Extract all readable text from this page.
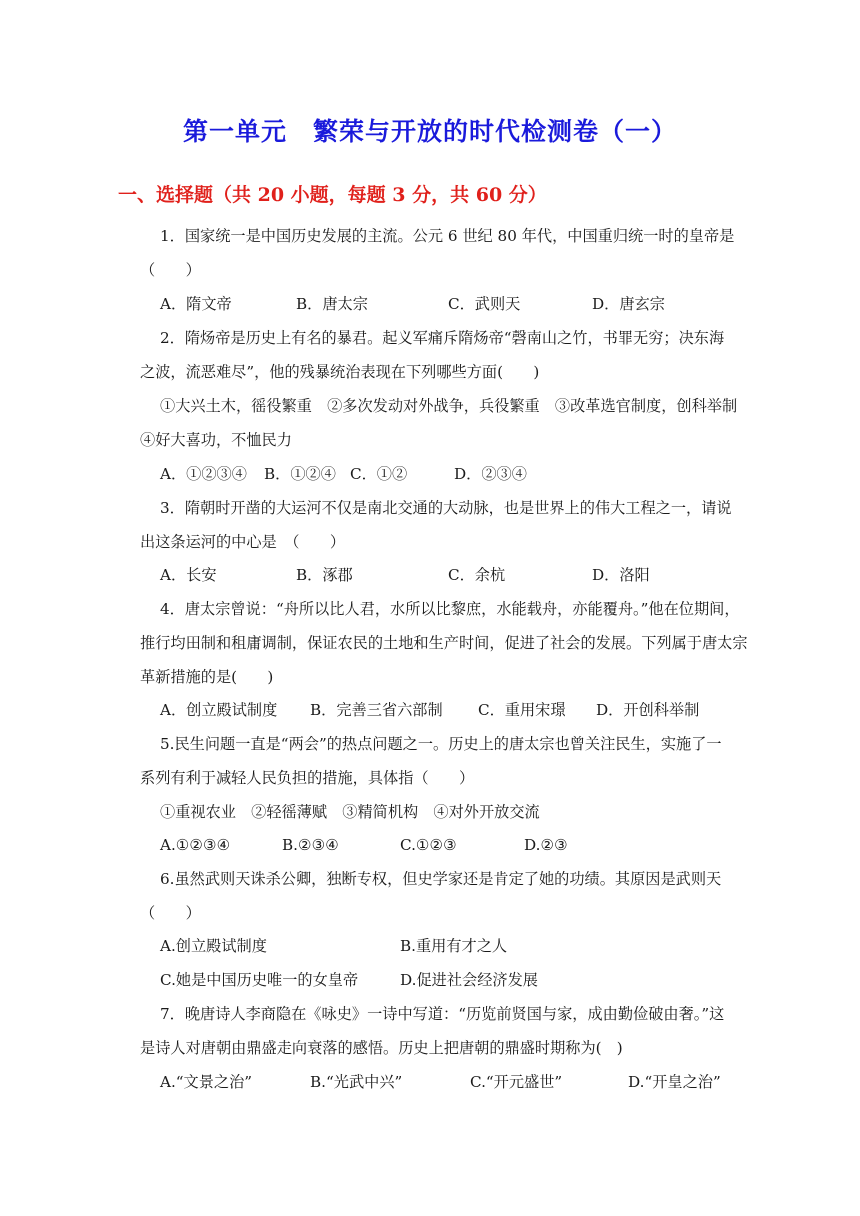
第一单元　繁荣与开放的时代检测卷（一）
一、选择题（共 20 小题，每题 3 分，共 60 分）
1．国家统一是中国历史发展的主流。公元 6 世纪 80 年代，中国重归统一时的皇帝是
（　　）
A．隋文帝	B．唐太宗	C．武则天	D．唐玄宗
2．隋炀帝是历史上有名的暴君。起义军痛斥隋炀帝“磬南山之竹，书罪无穷；决东海
之波，流恶难尽”，他的残暴统治表现在下列哪些方面(　　)
①大兴土木，徭役繁重　②多次发动对外战争，兵役繁重　③改革选官制度，创科举制
④好大喜功，不恤民力
A．①②③④ B．①②④ C．①②	D．②③④
3．隋朝时开凿的大运河不仅是南北交通的大动脉，也是世界上的伟大工程之一，请说
出这条运河的中心是　（　　）
A．长安	B．涿郡	C．余杭	D．洛阳
4．唐太宗曾说：“舟所以比人君，水所以比黎庶，水能载舟，亦能覆舟。”他在位期间，
推行均田制和租庸调制，保证农民的土地和生产时间，促进了社会的发展。下列属于唐太宗
革新措施的是(　　)
A．创立殿试制度 B．完善三省六部制 C．重用宋璟 D．开创科举制
5.民生问题一直是“两会”的热点问题之一。历史上的唐太宗也曾关注民生，实施了一
系列有利于减轻人民负担的措施，具体指（　　）
①重视农业　②轻徭薄赋　③精简机构　④对外开放交流
A.①②③④	B.②③④	C.①②③	D.②③
6.虽然武则天诛杀公卿，独断专权，但史学家还是肯定了她的功绩。其原因是武则天
（　　）
A.创立殿试制度	B.重用有才之人
C.她是中国历史唯一的女皇帝	D.促进社会经济发展
7．晚唐诗人李商隐在《咏史》一诗中写道：“历览前贤国与家，成由勤俭破由奢。”这
是诗人对唐朝由鼎盛走向衰落的感悟。历史上把唐朝的鼎盛时期称为(　)
A.“文景之治”	B.“光武中兴”	C.“开元盛世”	D.“开皇之治”
